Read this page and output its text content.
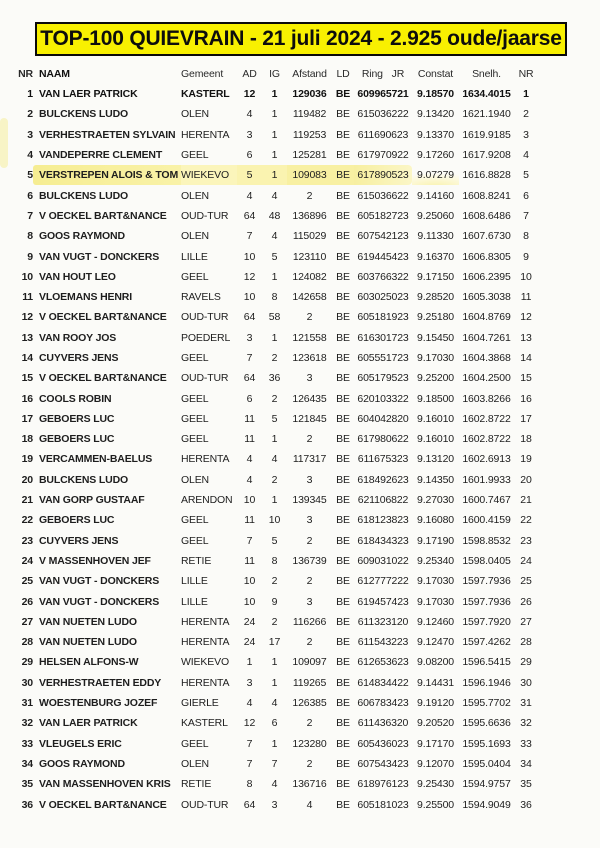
TOP-100 QUIEVRAIN - 21 juli 2024 - 2.925 oude/jaarse
NR	NAAM	Gemeent	AD	IG	Afstand	LD	Ring JR	Constat	Snelh.	NR
1	VAN LAER PATRICK	KASTERL	12	1	129036	BE	609965721	9.18570	1634.4015	1
2	BULCKENS LUDO	OLEN	4	1	119482	BE	615036222	9.13420	1621.1940	2
3	VERHESTRAETEN SYLVAIN	HERENTA	3	1	119253	BE	611690623	9.13370	1619.9185	3
4	VANDEPERRE CLEMENT	GEEL	6	1	125281	BE	617970922	9.17260	1617.9208	4
5	VERSTREPEN ALOIS & TOM	WIEKEVO	5	1	109083	BE	617890523	9.07279	1616.8828	5
6	BULCKENS LUDO	OLEN	4	4	2	BE	615036622	9.14160	1608.8241	6
7	V OECKEL BART&NANCE	OUD-TUR	64	48	136896	BE	605182723	9.25060	1608.6486	7
8	GOOS RAYMOND	OLEN	7	4	115029	BE	607542123	9.11330	1607.6730	8
9	VAN VUGT - DONCKERS	LILLE	10	5	123110	BE	619445423	9.16370	1606.8305	9
10	VAN HOUT LEO	GEEL	12	1	124082	BE	603766322	9.17150	1606.2395	10
11	VLOEMANS HENRI	RAVELS	10	8	142658	BE	603025023	9.28520	1605.3038	11
12	V OECKEL BART&NANCE	OUD-TUR	64	58	2	BE	605181923	9.25180	1604.8769	12
13	VAN ROOY JOS	POEDERL	3	1	121558	BE	616301723	9.15450	1604.7261	13
14	CUYVERS JENS	GEEL	7	2	123618	BE	605551723	9.17030	1604.3868	14
15	V OECKEL BART&NANCE	OUD-TUR	64	36	3	BE	605179523	9.25200	1604.2500	15
16	COOLS ROBIN	GEEL	6	2	126435	BE	620103322	9.18500	1603.8266	16
17	GEBOERS LUC	GEEL	11	5	121845	BE	604042820	9.16010	1602.8722	17
18	GEBOERS LUC	GEEL	11	1	2	BE	617980622	9.16010	1602.8722	18
19	VERCAMMEN-BAELUS	HERENTA	4	4	117317	BE	611675323	9.13120	1602.6913	19
20	BULCKENS LUDO	OLEN	4	2	3	BE	618492623	9.14350	1601.9933	20
21	VAN GORP GUSTAAF	ARENDON	10	1	139345	BE	621106822	9.27030	1600.7467	21
22	GEBOERS LUC	GEEL	11	10	3	BE	618123823	9.16080	1600.4159	22
23	CUYVERS JENS	GEEL	7	5	2	BE	618434323	9.17190	1598.8532	23
24	V MASSENHOVEN JEF	RETIE	11	8	136739	BE	609031022	9.25340	1598.0405	24
25	VAN VUGT - DONCKERS	LILLE	10	2	2	BE	612777222	9.17030	1597.7936	25
26	VAN VUGT - DONCKERS	LILLE	10	9	3	BE	619457423	9.17030	1597.7936	26
27	VAN NUETEN LUDO	HERENTA	24	2	116266	BE	611323120	9.12460	1597.7920	27
28	VAN NUETEN LUDO	HERENTA	24	17	2	BE	611543223	9.12470	1597.4262	28
29	HELSEN ALFONS-W	WIEKEVO	1	1	109097	BE	612653623	9.08200	1596.5415	29
30	VERHESTRAETEN EDDY	HERENTA	3	1	119265	BE	614834422	9.14431	1596.1946	30
31	WOESTENBURG JOZEF	GIERLE	4	4	126385	BE	606783423	9.19120	1595.7702	31
32	VAN LAER PATRICK	KASTERL	12	6	2	BE	611436320	9.20520	1595.6636	32
33	VLEUGELS ERIC	GEEL	7	1	123280	BE	605436023	9.17170	1595.1693	33
34	GOOS RAYMOND	OLEN	7	7	2	BE	607543423	9.12070	1595.0404	34
35	VAN MASSENHOVEN KRIS	RETIE	8	4	136716	BE	618976123	9.25430	1594.9757	35
36	V OECKEL BART&NANCE	OUD-TUR	64	3	4	BE	605181023	9.25500	1594.9049	36
